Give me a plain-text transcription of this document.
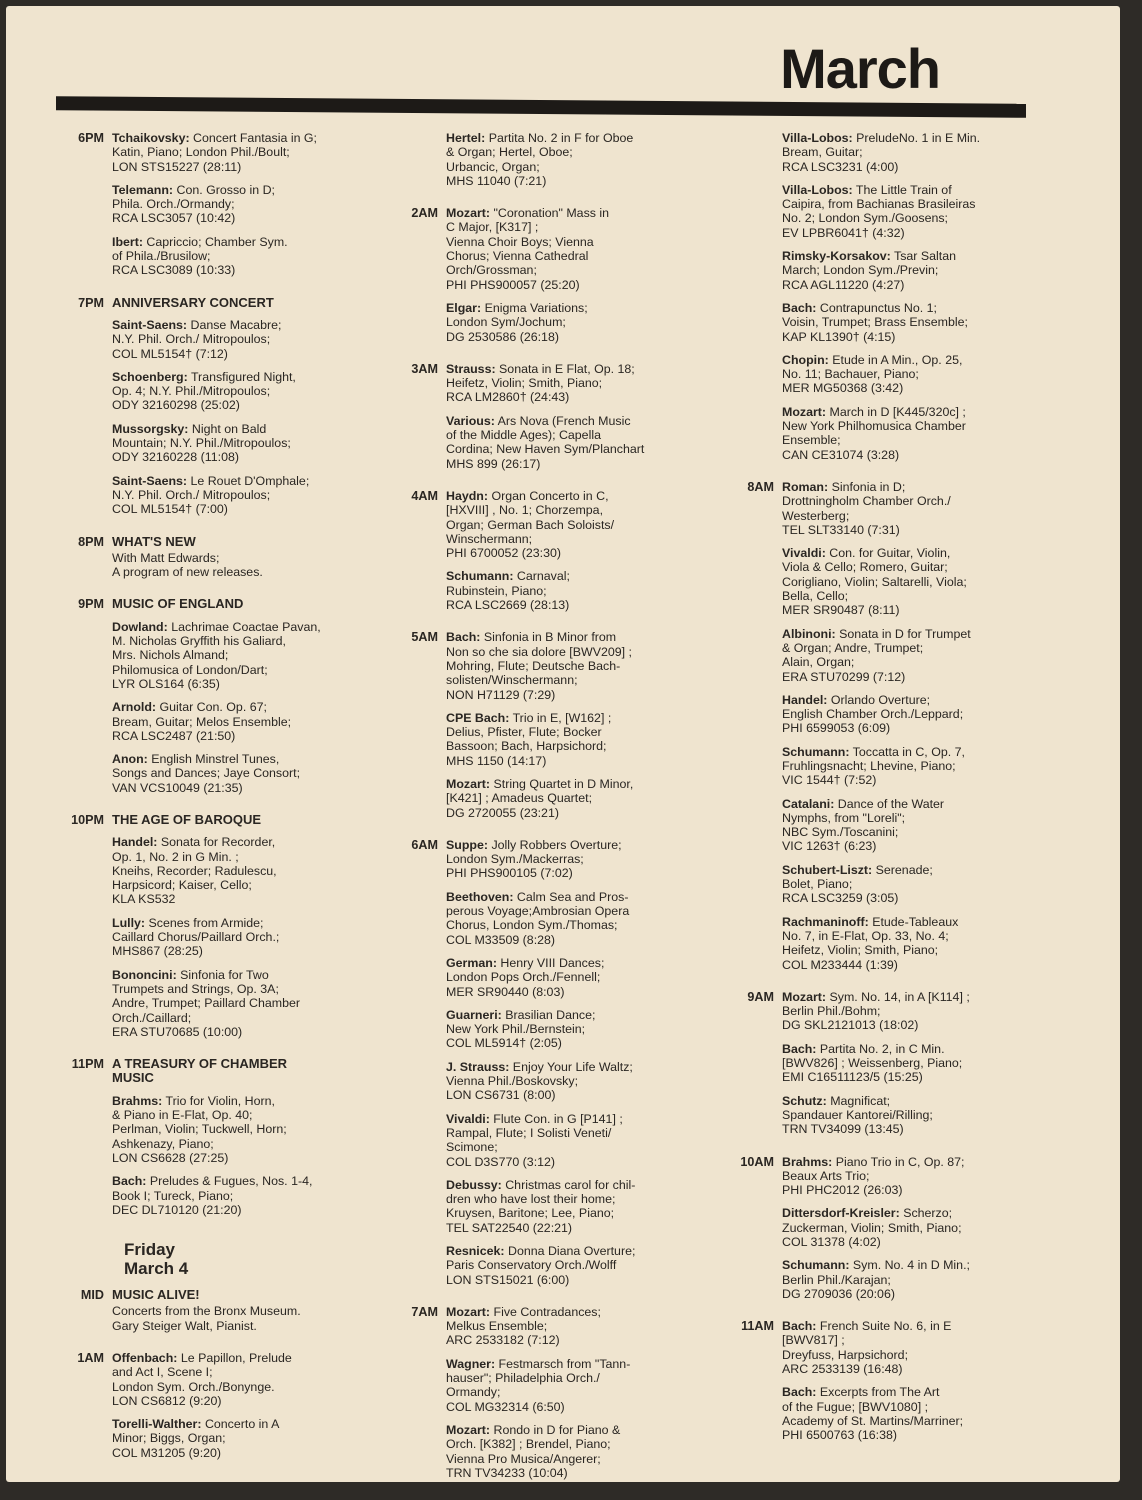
March
6PM Tchaikovsky: Concert Fantasia in G;
Katin, Piano; London Phil./Boult;
LON STS15227 (28:11)
Telemann: Con. Grosso in D;
Phila. Orch./Ormandy;
RCA LSC3057 (10:42)
Ibert: Capriccio; Chamber Sym.
of Phila./Brusilow;
RCA LSC3089 (10:33)
7PM ANNIVERSARY CONCERT
Saint-Saens: Danse Macabre;
N.Y. Phil. Orch./ Mitropoulos;
COL ML5154† (7:12)
Schoenberg: Transfigured Night,
Op. 4; N.Y. Phil./Mitropoulos;
ODY 32160298 (25:02)
Mussorgsky: Night on Bald
Mountain; N.Y. Phil./Mitropoulos;
ODY 32160228 (11:08)
Saint-Saens: Le Rouet D'Omphale;
N.Y. Phil. Orch./ Mitropoulos;
COL ML5154† (7:00)
8PM WHAT'S NEW
With Matt Edwards;
A program of new releases.
9PM MUSIC OF ENGLAND
Dowland: Lachrimae Coactae Pavan,
M. Nicholas Gryffith his Galiard,
Mrs. Nichols Almand;
Philomusica of London/Dart;
LYR OLS164 (6:35)
Arnold: Guitar Con. Op. 67;
Bream, Guitar; Melos Ensemble;
RCA LSC2487 (21:50)
Anon: English Minstrel Tunes,
Songs and Dances; Jaye Consort;
VAN VCS10049 (21:35)
10PM THE AGE OF BAROQUE
Handel: Sonata for Recorder,
Op. 1, No. 2 in G Min. ;
Kneihs, Recorder; Radulescu,
Harpsicord; Kaiser, Cello;
KLA KS532
Lully: Scenes from Armide;
Caillard Chorus/Paillard Orch.;
MHS867 (28:25)
Bononcini: Sinfonia for Two
Trumpets and Strings, Op. 3A;
Andre, Trumpet; Paillard Chamber
Orch./Caillard;
ERA STU70685 (10:00)
11PM A TREASURY OF CHAMBER
MUSIC
Brahms: Trio for Violin, Horn,
& Piano in E-Flat, Op. 40;
Perlman, Violin; Tuckwell, Horn;
Ashkenazy, Piano;
LON CS6628 (27:25)
Bach: Preludes & Fugues, Nos. 1-4,
Book I; Tureck, Piano;
DEC DL710120 (21:20)
Friday
March 4
MID MUSIC ALIVE!
Concerts from the Bronx Museum.
Gary Steiger Walt, Pianist.
1AM Offenbach: Le Papillon, Prelude
and Act I, Scene I;
London Sym. Orch./Bonynge.
LON CS6812 (9:20)
Torelli-Walther: Concerto in A
Minor; Biggs, Organ;
COL M31205 (9:20)
Hertel: Partita No. 2 in F for Oboe
& Organ; Hertel, Oboe;
Urbancic, Organ;
MHS 11040 (7:21)
2AM Mozart: "Coronation" Mass in
C Major, [K317] ;
Vienna Choir Boys; Vienna
Chorus; Vienna Cathedral
Orch/Grossman;
PHI PHS900057 (25:20)
Elgar: Enigma Variations;
London Sym/Jochum;
DG 2530586 (26:18)
3AM Strauss: Sonata in E Flat, Op. 18;
Heifetz, Violin; Smith, Piano;
RCA LM2860† (24:43)
Various: Ars Nova (French Music
of the Middle Ages); Capella
Cordina; New Haven Sym/Planchart
MHS 899 (26:17)
4AM Haydn: Organ Concerto in C,
[HXVIII] , No. 1; Chorzempa,
Organ; German Bach Soloists/
Winschermann;
PHI 6700052 (23:30)
Schumann: Carnaval;
Rubinstein, Piano;
RCA LSC2669 (28:13)
5AM Bach: Sinfonia in B Minor from
Non so che sia dolore [BWV209] ;
Mohring, Flute; Deutsche Bach-
solisten/Winschermann;
NON H71129 (7:29)
CPE Bach: Trio in E, [W162] ;
Delius, Pfister, Flute; Bocker
Bassoon; Bach, Harpsichord;
MHS 1150 (14:17)
Mozart: String Quartet in D Minor,
[K421] ; Amadeus Quartet;
DG 2720055 (23:21)
6AM Suppe: Jolly Robbers Overture;
London Sym./Mackerras;
PHI PHS900105 (7:02)
Beethoven: Calm Sea and Pros-
perous Voyage;Ambrosian Opera
Chorus, London Sym./Thomas;
COL M33509 (8:28)
German: Henry VIII Dances;
London Pops Orch./Fennell;
MER SR90440 (8:03)
Guarneri: Brasilian Dance;
New York Phil./Bernstein;
COL ML5914† (2:05)
J. Strauss: Enjoy Your Life Waltz;
Vienna Phil./Boskovsky;
LON CS6731 (8:00)
Vivaldi: Flute Con. in G [P141] ;
Rampal, Flute; I Solisti Veneti/
Scimone;
COL D3S770 (3:12)
Debussy: Christmas carol for chil-
dren who have lost their home;
Kruysen, Baritone; Lee, Piano;
TEL SAT22540 (22:21)
Resnicek: Donna Diana Overture;
Paris Conservatory Orch./Wolff
LON STS15021 (6:00)
7AM Mozart: Five Contradances;
Melkus Ensemble;
ARC 2533182 (7:12)
Wagner: Festmarsch from "Tann-
hauser"; Philadelphia Orch./
Ormandy;
COL MG32314 (6:50)
Mozart: Rondo in D for Piano &
Orch. [K382] ; Brendel, Piano;
Vienna Pro Musica/Angerer;
TRN TV34233 (10:04)
Villa-Lobos: PreludeNo. 1 in E Min.
Bream, Guitar;
RCA LSC3231 (4:00)
Villa-Lobos: The Little Train of
Caipira, from Bachianas Brasileiras
No. 2; London Sym./Goosens;
EV LPBR6041† (4:32)
Rimsky-Korsakov: Tsar Saltan
March; London Sym./Previn;
RCA AGL11220 (4:27)
Bach: Contrapunctus No. 1;
Voisin, Trumpet; Brass Ensemble;
KAP KL1390† (4:15)
Chopin: Etude in A Min., Op. 25,
No. 11; Bachauer, Piano;
MER MG50368 (3:42)
Mozart: March in D [K445/320c] ;
New York Philhomusica Chamber
Ensemble;
CAN CE31074 (3:28)
8AM Roman: Sinfonia in D;
Drottningholm Chamber Orch./
Westerberg;
TEL SLT33140 (7:31)
Vivaldi: Con. for Guitar, Violin,
Viola & Cello; Romero, Guitar;
Corigliano, Violin; Saltarelli, Viola;
Bella, Cello;
MER SR90487 (8:11)
Albinoni: Sonata in D for Trumpet
& Organ; Andre, Trumpet;
Alain, Organ;
ERA STU70299 (7:12)
Handel: Orlando Overture;
English Chamber Orch./Leppard;
PHI 6599053 (6:09)
Schumann: Toccatta in C, Op. 7,
Fruhlingsnacht; Lhevine, Piano;
VIC 1544† (7:52)
Catalani: Dance of the Water
Nymphs, from "Loreli";
NBC Sym./Toscanini;
VIC 1263† (6:23)
Schubert-Liszt: Serenade;
Bolet, Piano;
RCA LSC3259 (3:05)
Rachmaninoff: Etude-Tableaux
No. 7, in E-Flat, Op. 33, No. 4;
Heifetz, Violin; Smith, Piano;
COL M233444 (1:39)
9AM Mozart: Sym. No. 14, in A [K114] ;
Berlin Phil./Bohm;
DG SKL2121013 (18:02)
Bach: Partita No. 2, in C Min.
[BWV826] ; Weissenberg, Piano;
EMI C16511123/5 (15:25)
Schutz: Magnificat;
Spandauer Kantorei/Rilling;
TRN TV34099 (13:45)
10AM Brahms: Piano Trio in C, Op. 87;
Beaux Arts Trio;
PHI PHC2012 (26:03)
Dittersdorf-Kreisler: Scherzo;
Zuckerman, Violin; Smith, Piano;
COL 31378 (4:02)
Schumann: Sym. No. 4 in D Min.;
Berlin Phil./Karajan;
DG 2709036 (20:06)
11AM Bach: French Suite No. 6, in E
[BWV817] ;
Dreyfuss, Harpsichord;
ARC 2533139 (16:48)
Bach: Excerpts from The Art
of the Fugue; [BWV1080] ;
Academy of St. Martins/Marriner;
PHI 6500763 (16:38)
